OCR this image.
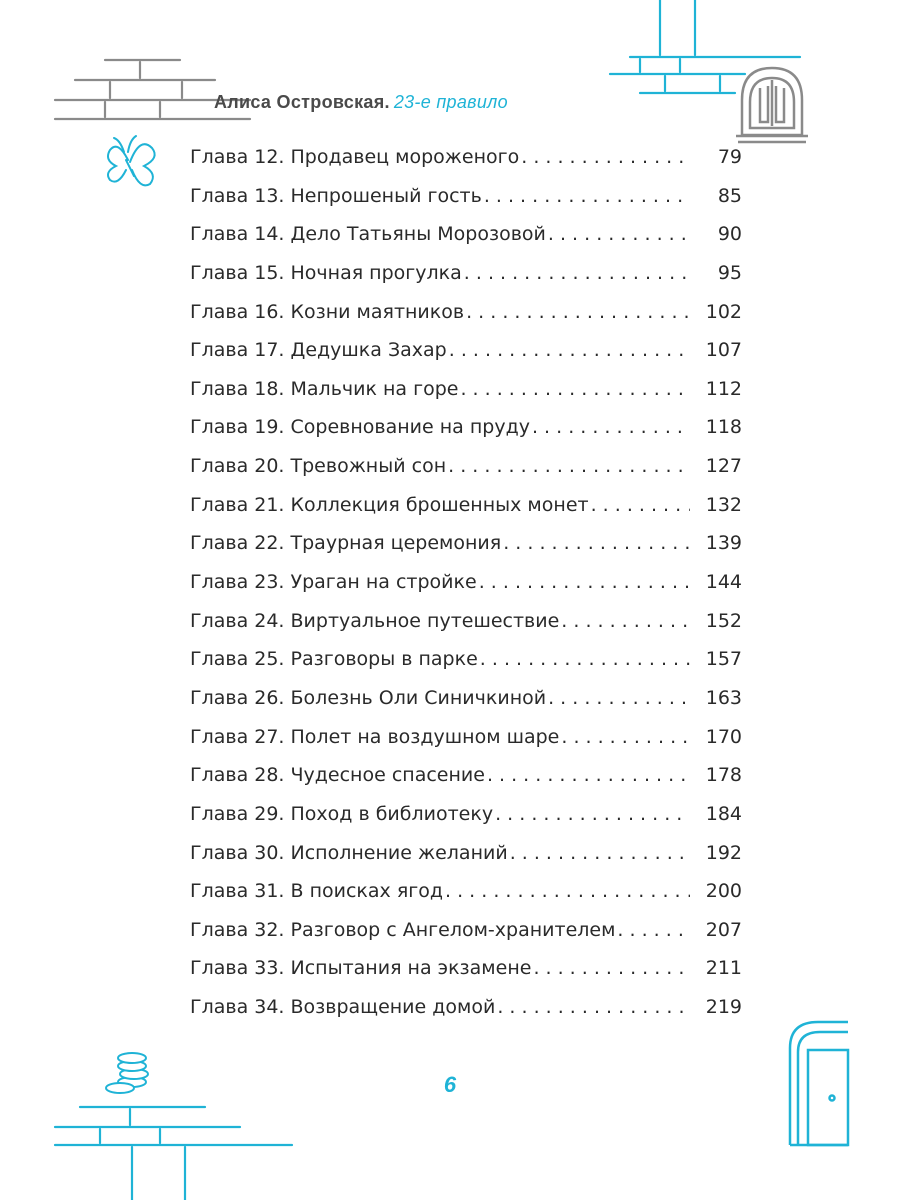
Алиса Островская. 23-е правило
Глава 12. Продавец мороженого . . .	79
Глава 13. Непрошеный гость . . .	85
Глава 14. Дело Татьяны Морозовой . . .	90
Глава 15. Ночная прогулка . . .	95
Глава 16. Козни маятников . . .	102
Глава 17. Дедушка Захар . . .	107
Глава 18. Мальчик на горе . . .	112
Глава 19. Соревнование на пруду . . .	118
Глава 20. Тревожный сон . . .	127
Глава 21. Коллекция брошенных монет . . .	132
Глава 22. Траурная церемония . . .	139
Глава 23. Ураган на стройке . . .	144
Глава 24. Виртуальное путешествие . . .	152
Глава 25. Разговоры в парке . . .	157
Глава 26. Болезнь Оли Синичкиной . . .	163
Глава 27. Полет на воздушном шаре . . .	170
Глава 28. Чудесное спасение . . .	178
Глава 29. Поход в библиотеку . . .	184
Глава 30. Исполнение желаний . . .	192
Глава 31. В поисках ягод . . .	200
Глава 32. Разговор с Ангелом-хранителем . . .	207
Глава 33. Испытания на экзамене . . .	211
Глава 34. Возвращение домой . . .	219
6
